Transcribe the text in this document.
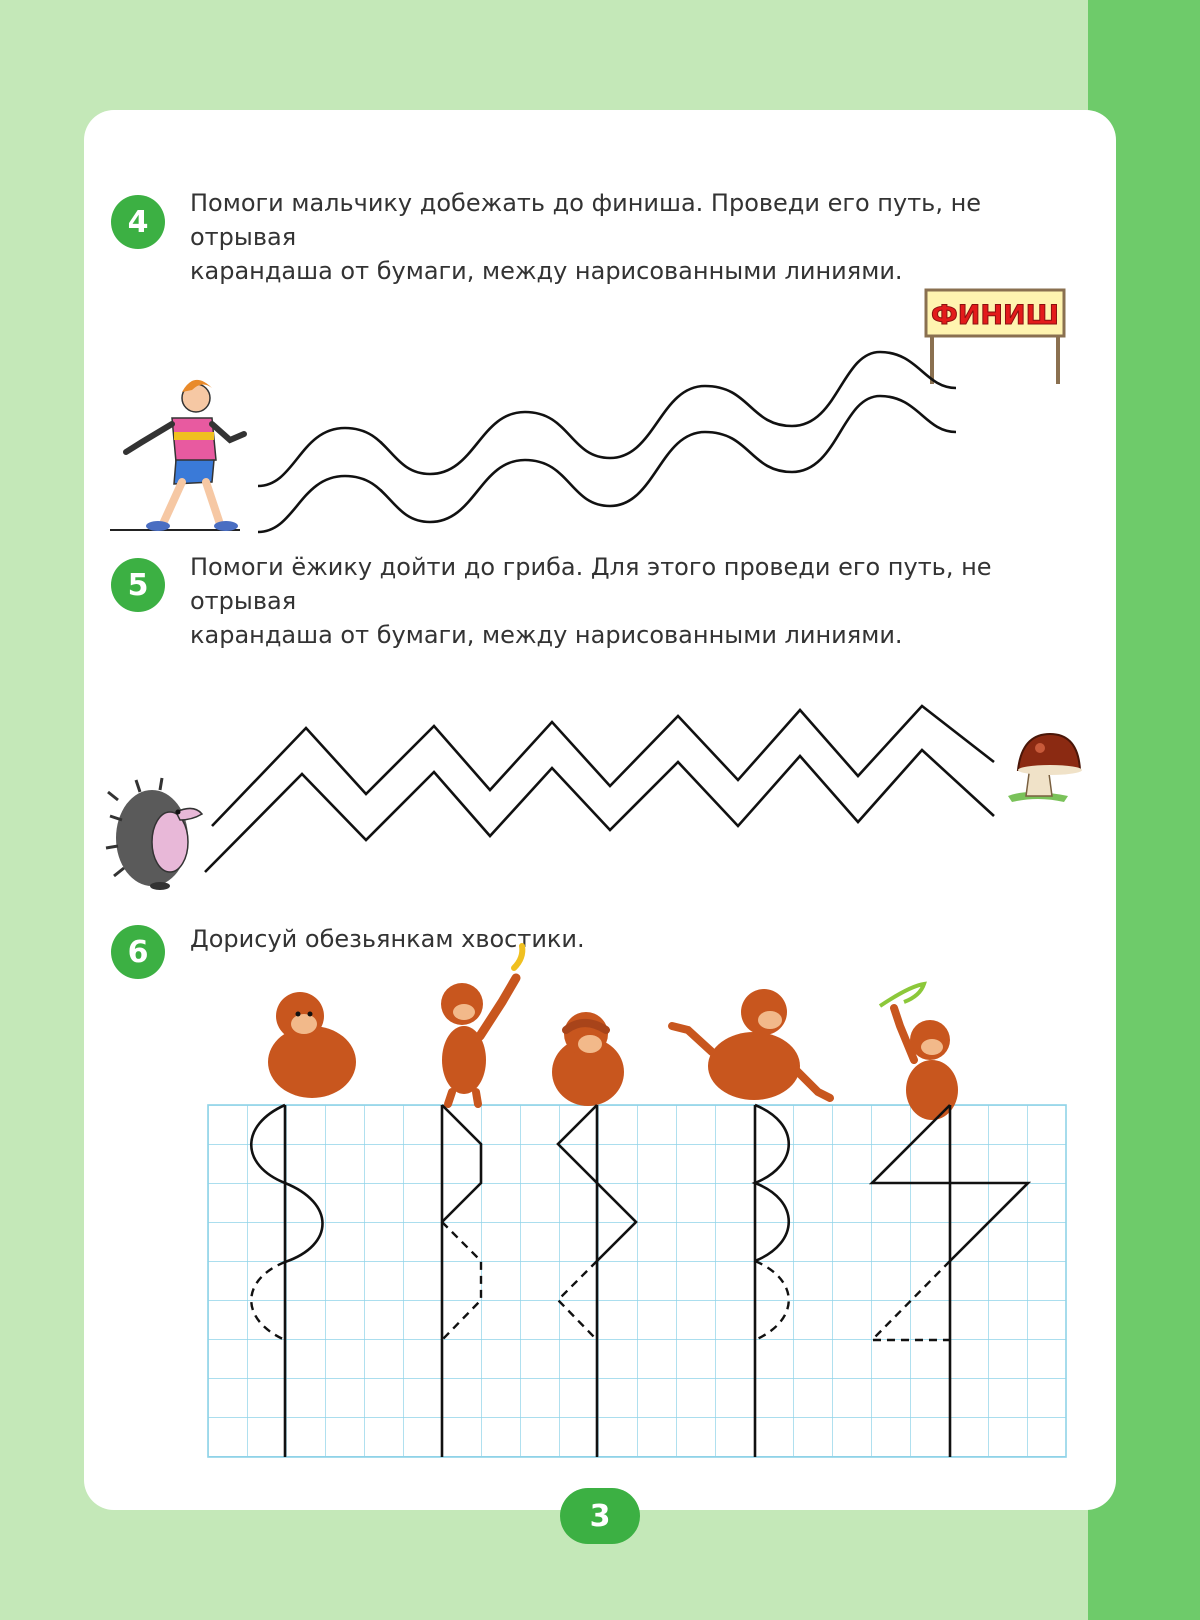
4

Помоги мальчику добежать до финиша. Проведи его путь, не отрывая

карандаша от бумаги, между нарисованными линиями.

ФИНИШ
5

Помоги ёжику дойти до гриба. Для этого проведи его путь, не отрывая

карандаша от бумаги, между нарисованными линиями.

6	Дорисуй обезьянкам хвостики.

3
